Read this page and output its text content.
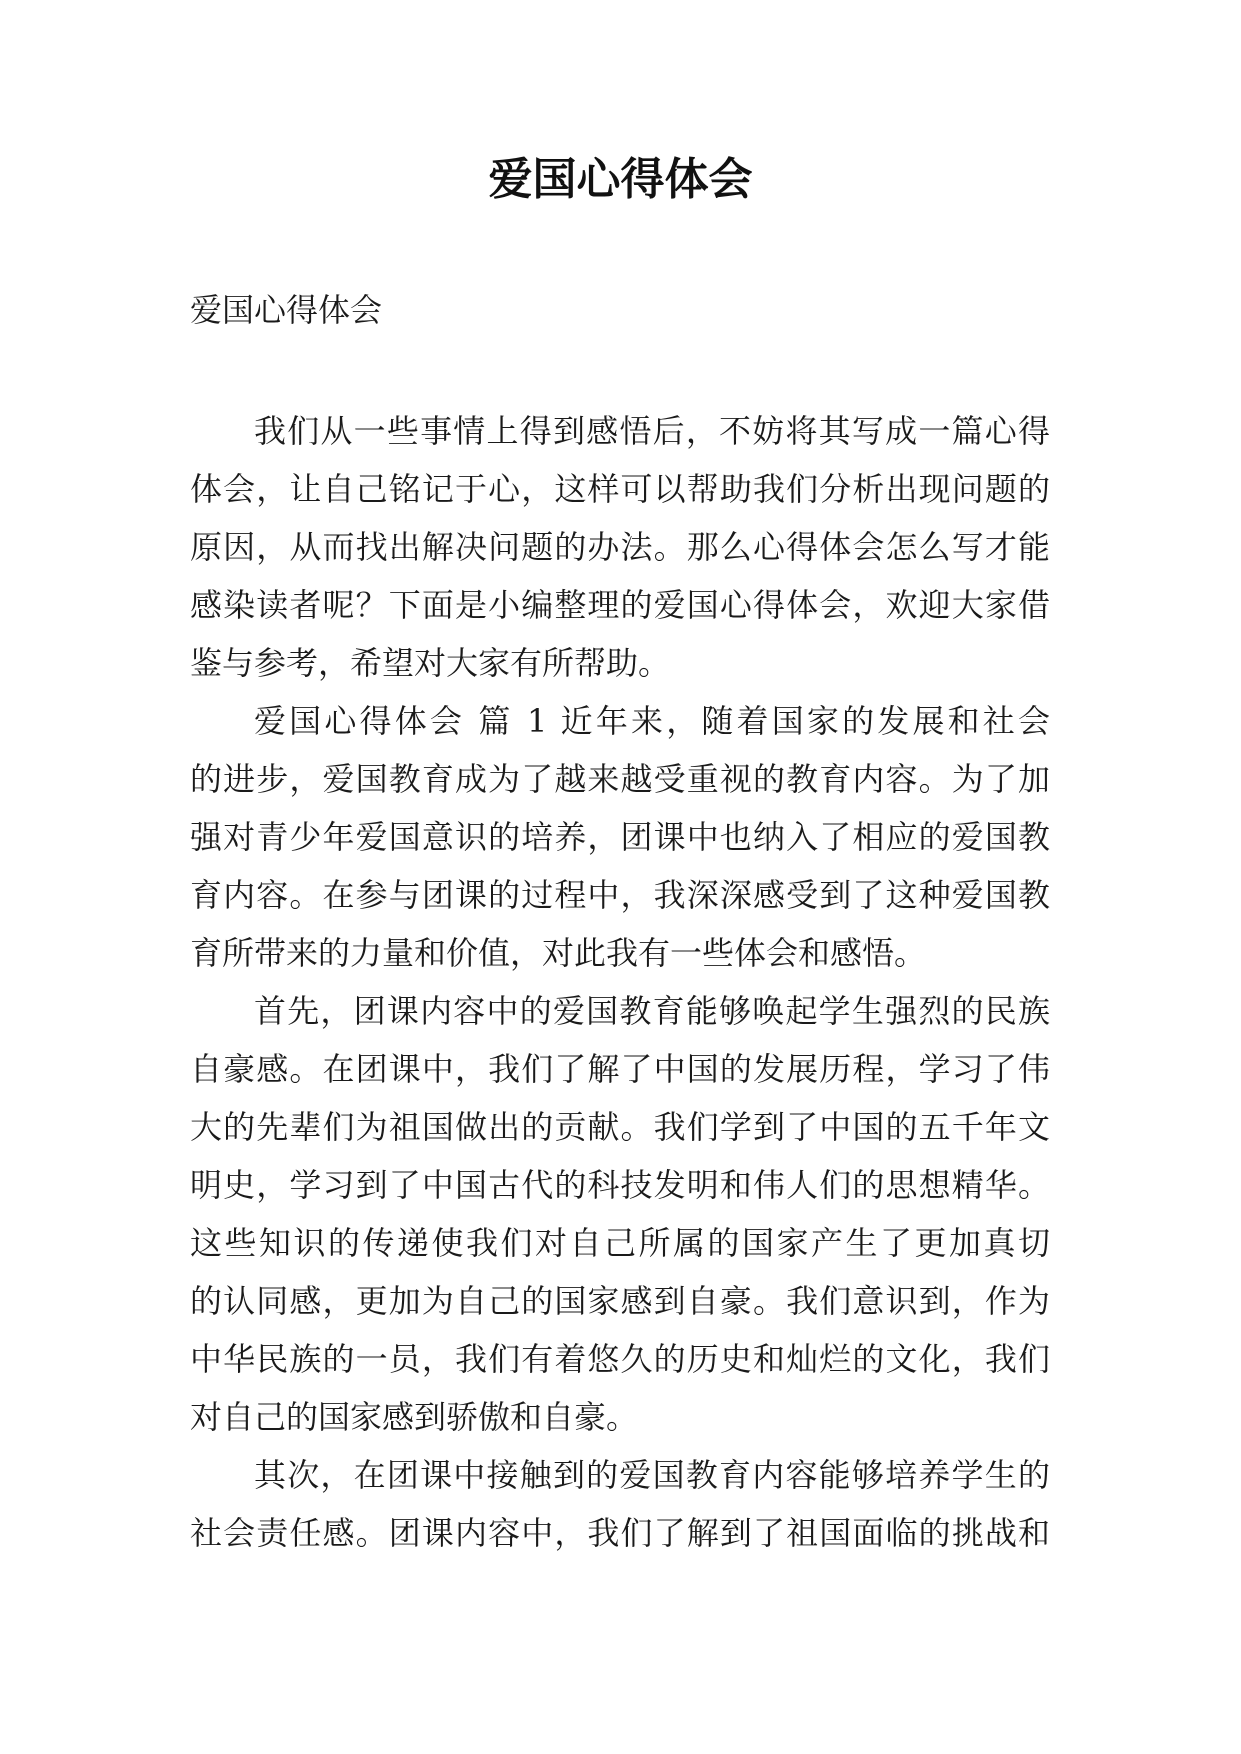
爱国心得体会

爱国心得体会

我们从一些事情上得到感悟后，不妨将其写成一篇心得
体会，让自己铭记于心，这样可以帮助我们分析出现问题的
原因，从而找出解决问题的办法。那么心得体会怎么写才能
感染读者呢？下面是小编整理的爱国心得体会，欢迎大家借
鉴与参考，希望对大家有所帮助。
爱国心得体会 篇 1 近年来，随着国家的发展和社会
的进步，爱国教育成为了越来越受重视的教育内容。为了加
强对青少年爱国意识的培养，团课中也纳入了相应的爱国教
育内容。在参与团课的过程中，我深深感受到了这种爱国教
育所带来的力量和价值，对此我有一些体会和感悟。
首先，团课内容中的爱国教育能够唤起学生强烈的民族
自豪感。在团课中，我们了解了中国的发展历程，学习了伟
大的先辈们为祖国做出的贡献。我们学到了中国的五千年文
明史，学习到了中国古代的科技发明和伟人们的思想精华。
这些知识的传递使我们对自己所属的国家产生了更加真切
的认同感，更加为自己的国家感到自豪。我们意识到，作为
中华民族的一员，我们有着悠久的历史和灿烂的文化，我们
对自己的国家感到骄傲和自豪。
其次，在团课中接触到的爱国教育内容能够培养学生的
社会责任感。团课内容中，我们了解到了祖国面临的挑战和
